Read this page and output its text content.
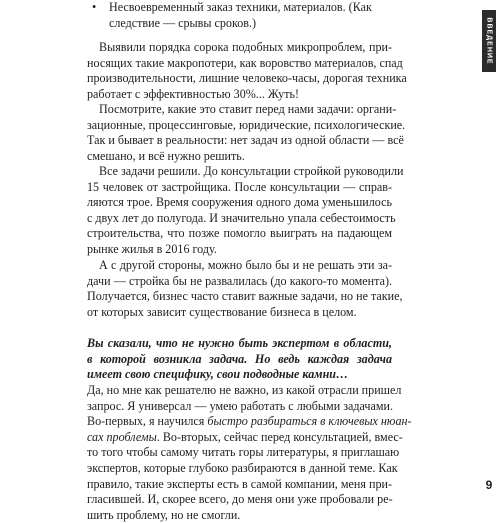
• Несвоевременный заказ техники, материалов. (Как
следствие — срывы сроков.)
Выявили порядка сорока подобных микропроблем, при-
носящих такие макропотери, как воровство материалов, спад
производительности, лишние человеко-часы, дорогая техника
работает с эффективностью 30%... Жуть!
Посмотрите, какие это ставит перед нами задачи: органи-
зационные, процессинговые, юридические, психологические.
Так и бывает в реальности: нет задач из одной области — всё
смешано, и всё нужно решить.
Все задачи решили. До консультации стройкой руководили
15 человек от застройщика. После консультации — справ-
ляются трое. Время сооружения одного дома уменьшилось
с двух лет до полугода. И значительно упала себестоимость
строительства, что позже помогло выиграть на падающем
рынке жилья в 2016 году.
А с другой стороны, можно было бы и не решать эти за-
дачи — стройка бы не развалилась (до какого-то момента).
Получается, бизнес часто ставит важные задачи, но не такие,
от которых зависит существование бизнеса в целом.
Вы сказали, что не нужно быть экспертом в области,
в которой возникла задача. Но ведь каждая задача
имеет свою специфику, свои подводные камни…
Да, но мне как решателю не важно, из какой отрасли пришел
запрос. Я универсал — умею работать с любыми задачами.
Во-первых, я научился быстро разбираться в ключевых нюан-
сах проблемы. Во-вторых, сейчас перед консультацией, вмес-
то того чтобы самому читать горы литературы, я приглашаю
экспертов, которые глубоко разбираются в данной теме. Как
правило, такие эксперты есть в самой компании, меня при-
гласившей. И, скорее всего, до меня они уже пробовали ре-
шить проблему, но не смогли.
ВВЕДЕНИЕ
9
